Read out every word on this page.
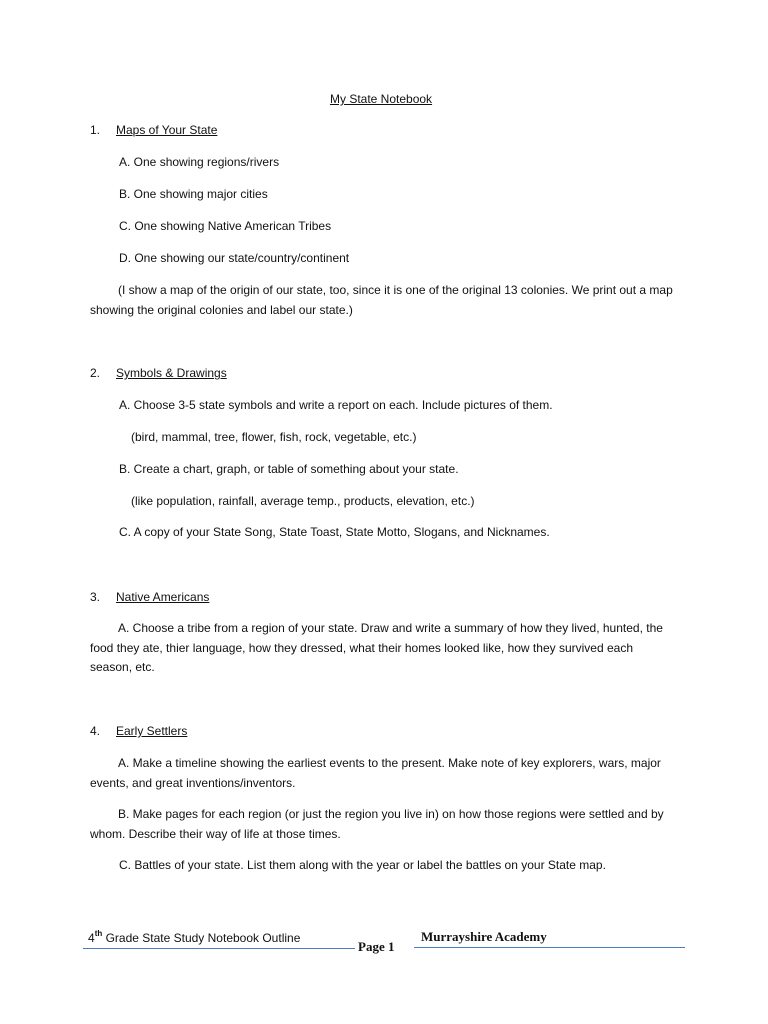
My State Notebook
1. Maps of Your State
A. One showing regions/rivers
B. One showing major cities
C. One showing Native American Tribes
D. One showing our state/country/continent
(I show a map of the origin of our state, too, since it is one of the original 13 colonies. We print out a map showing the original colonies and label our state.)
2. Symbols & Drawings
A. Choose 3-5 state symbols and write a report on each. Include pictures of them.
(bird, mammal, tree, flower, fish, rock, vegetable, etc.)
B. Create a chart, graph, or table of something about your state.
(like population, rainfall, average temp., products, elevation, etc.)
C. A copy of your State Song, State Toast, State Motto, Slogans, and Nicknames.
3. Native Americans
A. Choose a tribe from a region of your state. Draw and write a summary of how they lived, hunted, the food they ate, thier language, how they dressed, what their homes looked like, how they survived each season, etc.
4. Early Settlers
A. Make a timeline showing the earliest events to the present. Make note of key explorers, wars, major events, and great inventions/inventors.
B. Make pages for each region (or just the region you live in) on how those regions were settled and by whom. Describe their way of life at those times.
C. Battles of your state. List them along with the year or label the battles on your State map.
4th Grade State Study Notebook Outline
Page 1
Murrayshire Academy
